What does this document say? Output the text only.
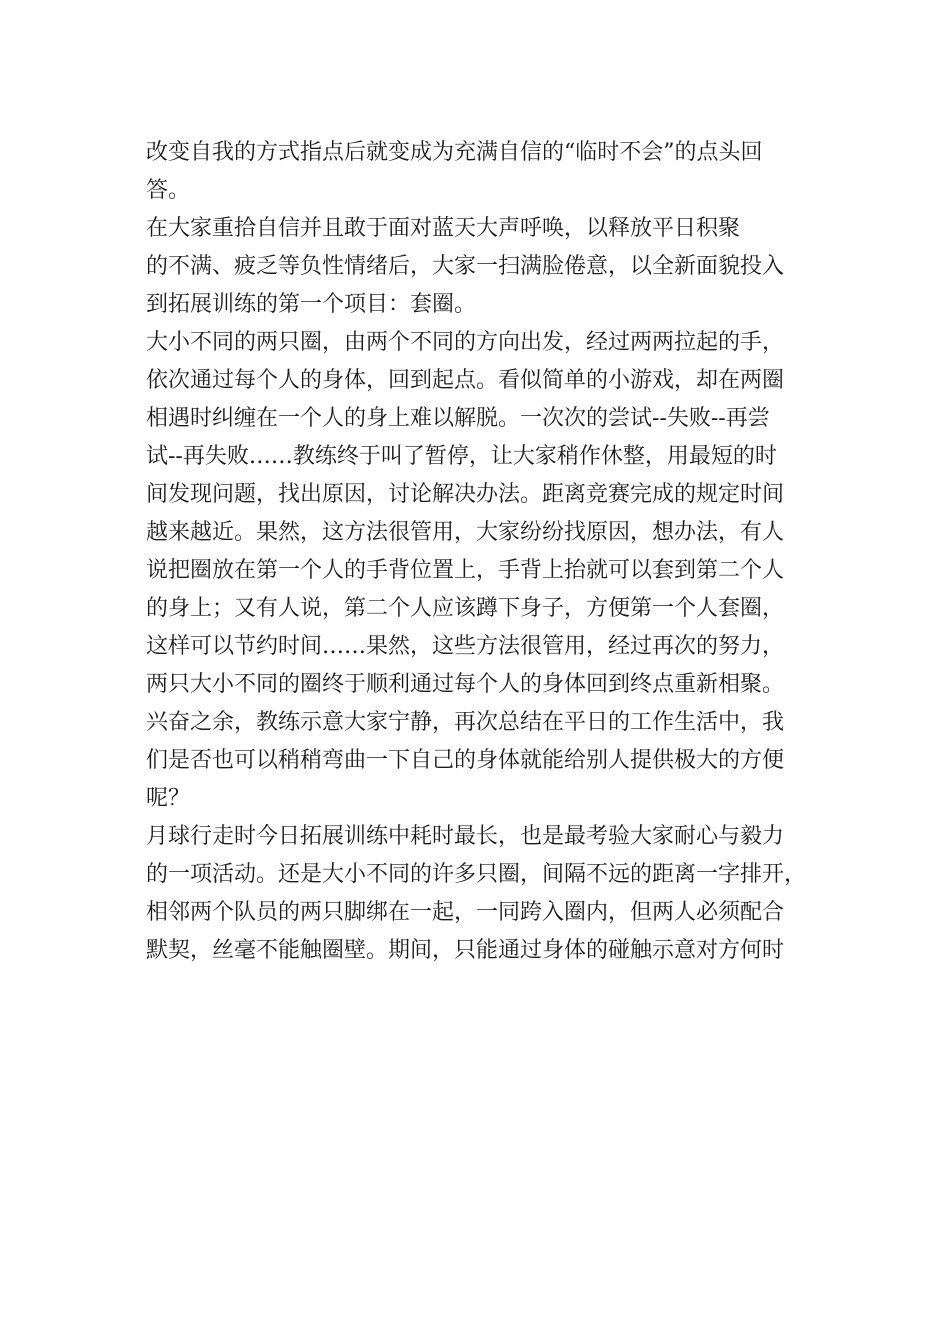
改变自我的方式指点后就变成为充满自信的“临时不会”的点头回
答。
在大家重拾自信并且敢于面对蓝天大声呼唤，以释放平日积聚
的不满、疲乏等负性情绪后，大家一扫满脸倦意，以全新面貌投入
到拓展训练的第一个项目：套圈。
大小不同的两只圈，由两个不同的方向出发，经过两两拉起的手，
依次通过每个人的身体，回到起点。看似简单的小游戏，却在两圈
相遇时纠缠在一个人的身上难以解脱。一次次的尝试--失败--再尝
试--再失败……教练终于叫了暂停，让大家稍作休整，用最短的时
间发现问题，找出原因，讨论解决办法。距离竞赛完成的规定时间
越来越近。果然，这方法很管用，大家纷纷找原因，想办法，有人
说把圈放在第一个人的手背位置上，手背上抬就可以套到第二个人
的身上；又有人说，第二个人应该蹲下身子，方便第一个人套圈，
这样可以节约时间……果然，这些方法很管用，经过再次的努力，
两只大小不同的圈终于顺利通过每个人的身体回到终点重新相聚。
兴奋之余，教练示意大家宁静，再次总结在平日的工作生活中，我
们是否也可以稍稍弯曲一下自己的身体就能给别人提供极大的方便
呢？
月球行走时今日拓展训练中耗时最长，也是最考验大家耐心与毅力
的一项活动。还是大小不同的许多只圈，间隔不远的距离一字排开，
相邻两个队员的两只脚绑在一起，一同跨入圈内，但两人必须配合
默契，丝毫不能触圈壁。期间，只能通过身体的碰触示意对方何时
